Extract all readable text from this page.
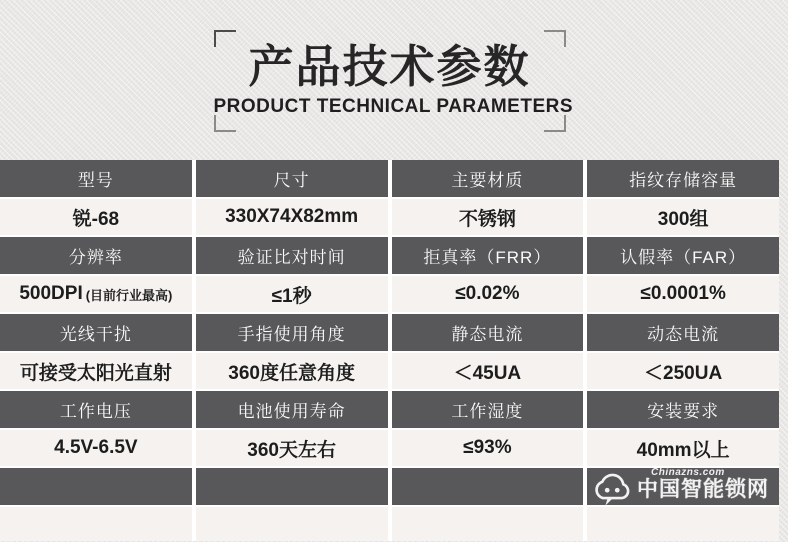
产品技术参数
PRODUCT TECHNICAL PARAMETERS
型号	尺寸	主要材质	指纹存储容量
锐-68	330X74X82mm	不锈钢	300组
分辨率	验证比对时间	拒真率（FRR）	认假率（FAR）
500DPI (目前行业最高)	≤1秒	≤0.02%	≤0.0001%
光线干扰	手指使用角度	静态电流	动态电流
可接受太阳光直射	360度任意角度	＜45UA	＜250UA
工作电压	电池使用寿命	工作湿度	安装要求
4.5V-6.5V	360天左右	≤93%	40mm以上
Chinazns.com
中国智能锁网
